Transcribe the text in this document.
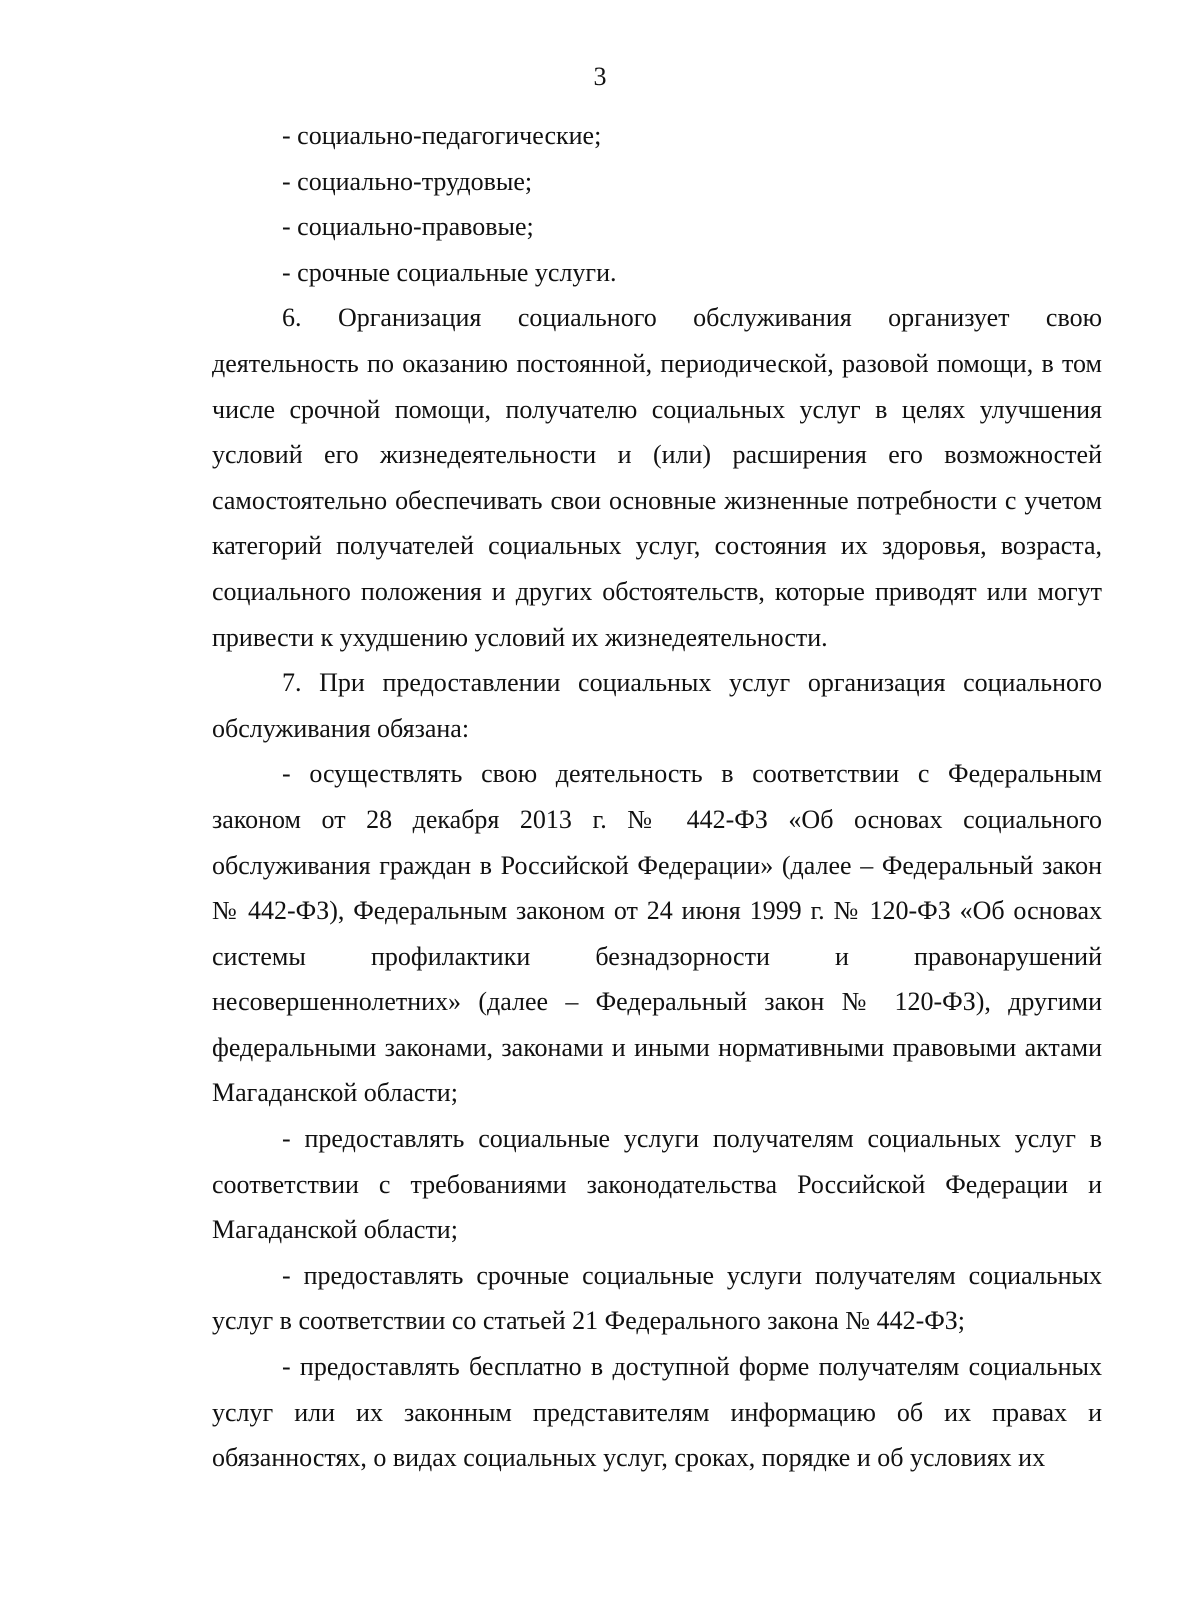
3

- социально-педагогические;

- социально-трудовые;

- социально-правовые;

- срочные социальные услуги.

6. Организация социального обслуживания организует свою деятельность по оказанию постоянной, периодической, разовой помощи, в том числе срочной помощи, получателю социальных услуг в целях улучшения условий его жизнедеятельности и (или) расширения его возможностей самостоятельно обеспечивать свои основные жизненные потребности с учетом категорий получателей социальных услуг, состояния их здоровья, возраста, социального положения и других обстоятельств, которые приводят или могут привести к ухудшению условий их жизнедеятельности.

7. При предоставлении социальных услуг организация социального обслуживания обязана:

- осуществлять свою деятельность в соответствии с Федеральным законом от 28 декабря 2013 г. № 442-ФЗ «Об основах социального обслуживания граждан в Российской Федерации» (далее – Федеральный закон № 442-ФЗ), Федеральным законом от 24 июня 1999 г. № 120-ФЗ «Об основах системы профилактики безнадзорности и правонарушений несовершеннолетних» (далее – Федеральный закон № 120-ФЗ), другими федеральными законами, законами и иными нормативными правовыми актами Магаданской области;

- предоставлять социальные услуги получателям социальных услуг в соответствии с требованиями законодательства Российской Федерации и Магаданской области;

- предоставлять срочные социальные услуги получателям социальных услуг в соответствии со статьей 21 Федерального закона № 442-ФЗ;

- предоставлять бесплатно в доступной форме получателям социальных услуг или их законным представителям информацию об их правах и обязанностях, о видах социальных услуг, сроках, порядке и об условиях их
